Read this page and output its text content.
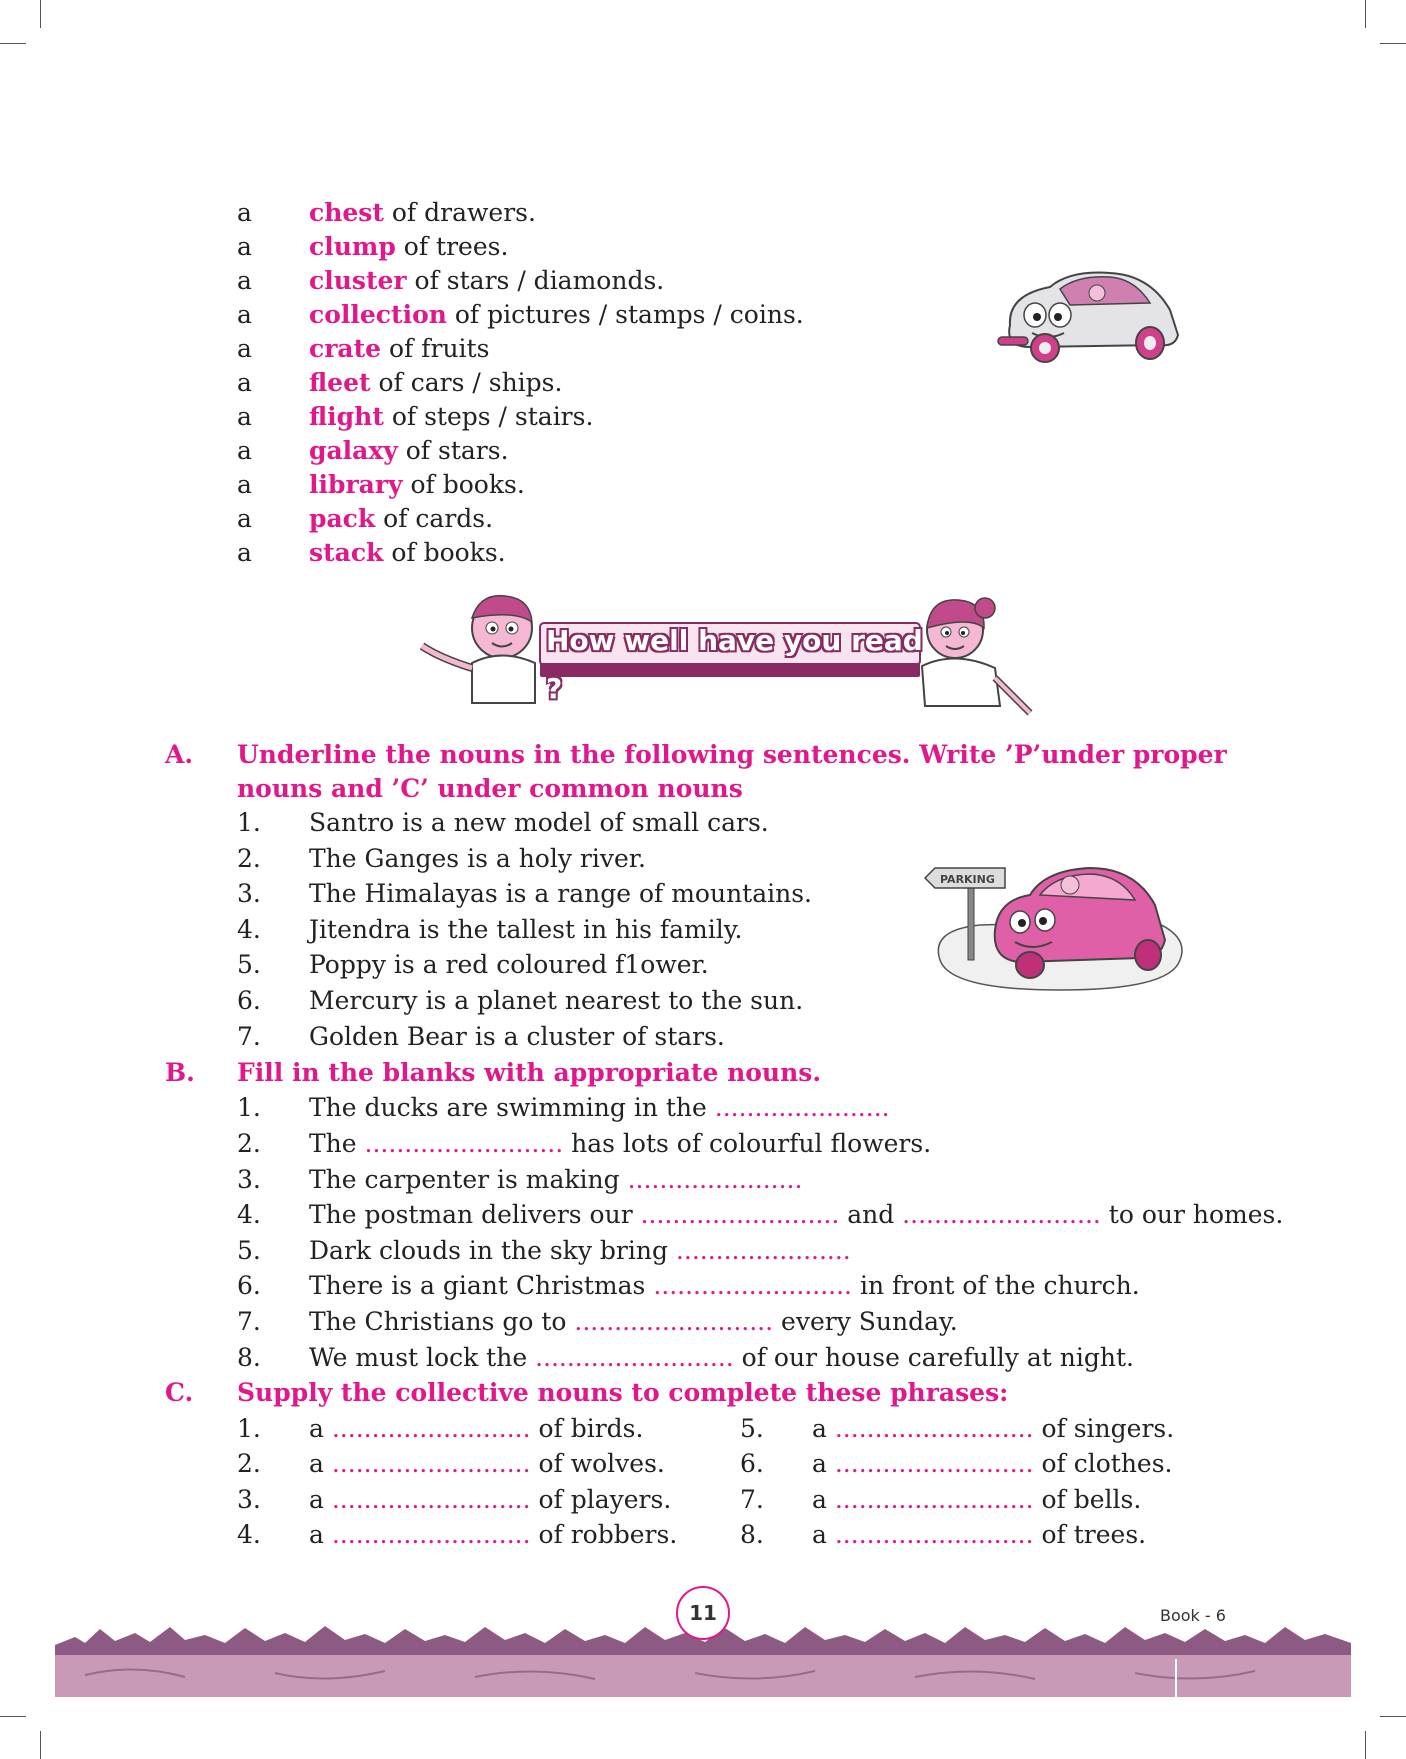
a chest of drawers.
a clump of trees.
a cluster of stars / diamonds.
a collection of pictures / stamps / coins.
a crate of fruits
a fleet of cars / ships.
a flight of steps / stairs.
a galaxy of stars.
a library of books.
a pack of cards.
a stack of books.
How well have you read ?
A. Underline the nouns in the following sentences. Write ’P’under proper nouns and ’C’ under common nouns
1. Santro is a new model of small cars.
2. The Ganges is a holy river.
3. The Himalayas is a range of mountains.
4. Jitendra is the tallest in his family.
5. Poppy is a red coloured f1ower.
6. Mercury is a planet nearest to the sun.
7. Golden Bear is a cluster of stars.
PARKING
B. Fill in the blanks with appropriate nouns.
1. The ducks are swimming in the ......................
2. The ......................... has lots of colourful flowers.
3. The carpenter is making ......................
4. The postman delivers our ......................... and ......................... to our homes.
5. Dark clouds in the sky bring ......................
6. There is a giant Christmas ......................... in front of the church.
7. The Christians go to ......................... every Sunday.
8. We must lock the ......................... of our house carefully at night.
C. Supply the collective nouns to complete these phrases:
1. a ......................... of birds.
2. a ......................... of wolves.
3. a ......................... of players.
4. a ......................... of robbers.
5. a ......................... of singers.
6. a ......................... of clothes.
7. a ......................... of bells.
8. a ......................... of trees.
11	Book - 6
